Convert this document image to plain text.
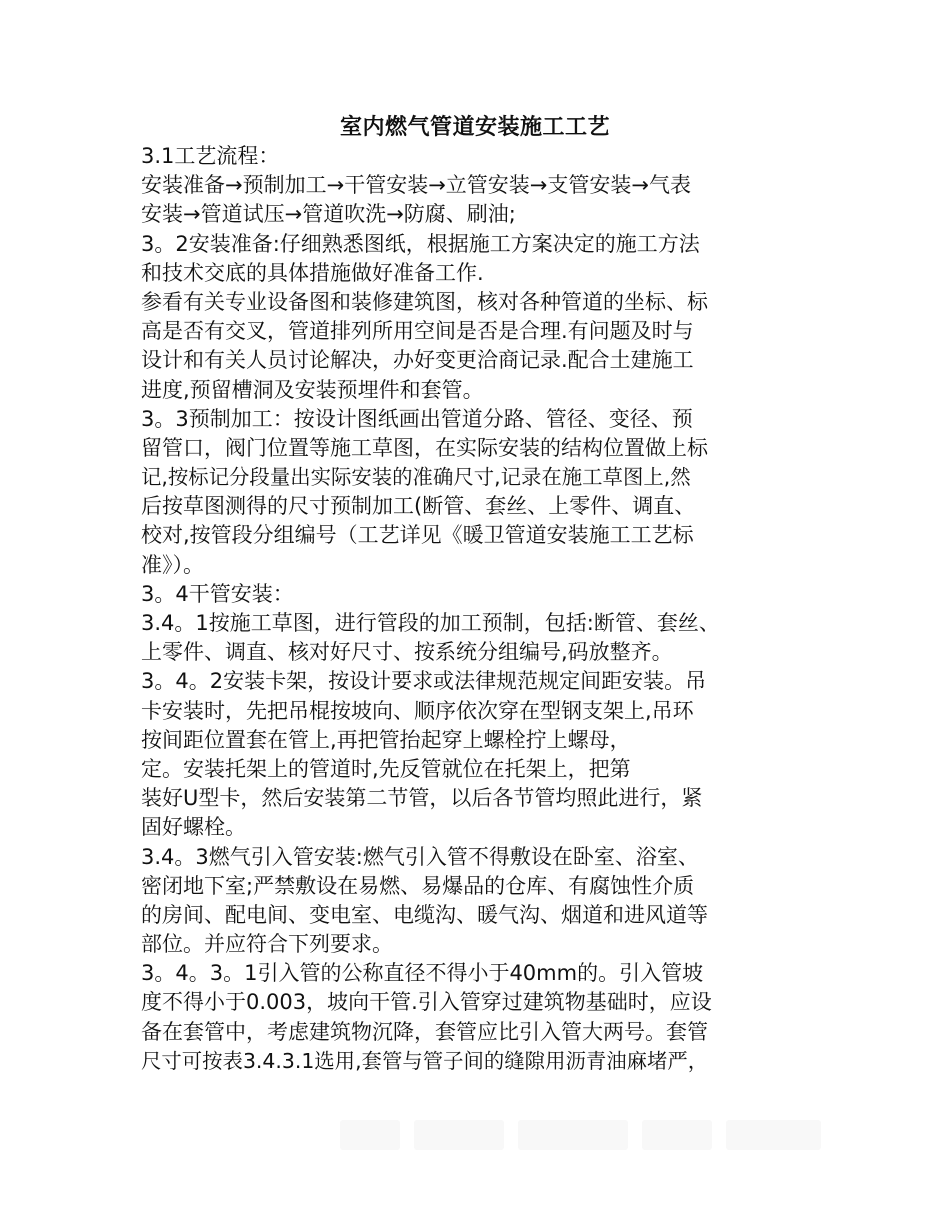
室内燃气管道安装施工工艺
3.1工艺流程：
安装准备→预制加工→干管安装→立管安装→支管安装→气表
安装→管道试压→管道吹洗→防腐、刷油;
3。2安装准备:仔细熟悉图纸，根据施工方案决定的施工方法
和技术交底的具体措施做好准备工作.
参看有关专业设备图和装修建筑图，核对各种管道的坐标、标
高是否有交叉，管道排列所用空间是否是合理.有问题及时与
设计和有关人员讨论解决，办好变更洽商记录.配合土建施工
进度,预留槽洞及安装预埋件和套管。
3。3预制加工：按设计图纸画出管道分路、管径、变径、预
留管口，阀门位置等施工草图，在实际安装的结构位置做上标
记,按标记分段量出实际安装的准确尺寸,记录在施工草图上,然
后按草图测得的尺寸预制加工(断管、套丝、上零件、调直、
校对,按管段分组编号（工艺详见《暖卫管道安装施工工艺标
准》）。
3。4干管安装：
3.4。1按施工草图，进行管段的加工预制，包括:断管、套丝、
上零件、调直、核对好尺寸、按系统分组编号,码放整齐。
3。4。2安装卡架，按设计要求或法律规范规定间距安装。吊
卡安装时，先把吊棍按坡向、顺序依次穿在型钢支架上,吊环
按间距位置套在管上,再把管抬起穿上螺栓拧上螺母，
定。安装托架上的管道时,先反管就位在托架上，把第
装好U型卡，然后安装第二节管，以后各节管均照此进行，紧
固好螺栓。
3.4。3燃气引入管安装:燃气引入管不得敷设在卧室、浴室、
密闭地下室;严禁敷设在易燃、易爆品的仓库、有腐蚀性介质
的房间、配电间、变电室、电缆沟、暖气沟、烟道和进风道等
部位。并应符合下列要求。
3。4。3。1引入管的公称直径不得小于40mm的。引入管坡
度不得小于0.003，坡向干管.引入管穿过建筑物基础时，应设
备在套管中，考虑建筑物沉降，套管应比引入管大两号。套管
尺寸可按表3.4.3.1选用,套管与管子间的缝隙用沥青油麻堵严，
